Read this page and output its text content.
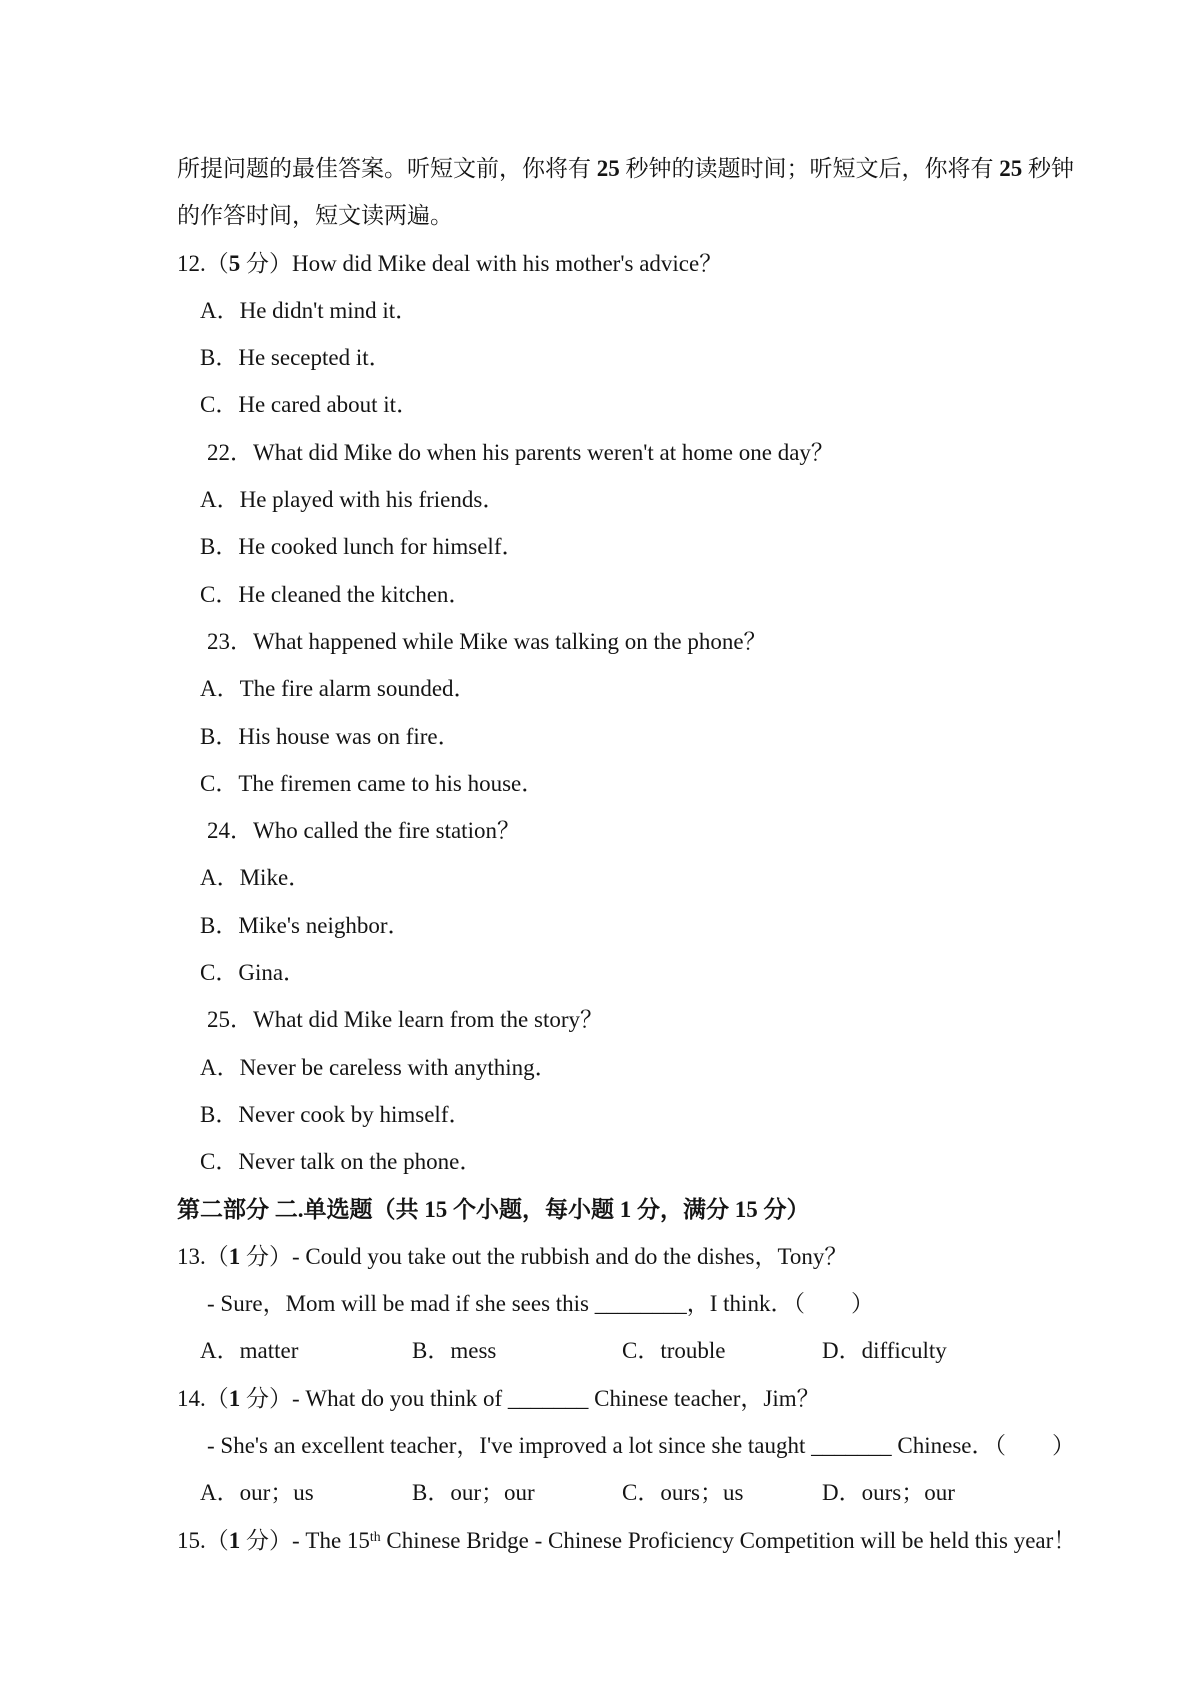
所提问题的最佳答案。听短文前，你将有 25 秒钟的读题时间；听短文后，你将有 25 秒钟
的作答时间，短文读两遍。
12.（5 分）How did Mike deal with his mother's advice？
A．He didn't mind it．
B．He secepted it．
C．He cared about it．
22．What did Mike do when his parents weren't at home one day？
A．He played with his friends．
B．He cooked lunch for himself．
C．He cleaned the kitchen．
23．What happened while Mike was talking on the phone？
A．The fire alarm sounded．
B．His house was on fire．
C．The firemen came to his house．
24．Who called the fire station？
A．Mike．
B．Mike's neighbor．
C．Gina．
25．What did Mike learn from the story？
A．Never be careless with anything．
B．Never cook by himself．
C．Never talk on the phone．
第二部分 二.单选题（共 15 个小题，每小题 1 分，满分 15 分）
13.（1 分）- Could you take out the rubbish and do the dishes，Tony？
- Sure，Mom will be mad if she sees this ________，I think．（　　）
A．matter	B．mess	C．trouble	D．difficulty
14.（1 分）- What do you think of _______ Chinese teacher，Jim？
- She's an excellent teacher，I've improved a lot since she taught _______ Chinese．（　　）
A．our；us	B．our；our	C．ours；us	D．ours；our
15.（1 分）- The 15th Chinese Bridge - Chinese Proficiency Competition will be held this year！
